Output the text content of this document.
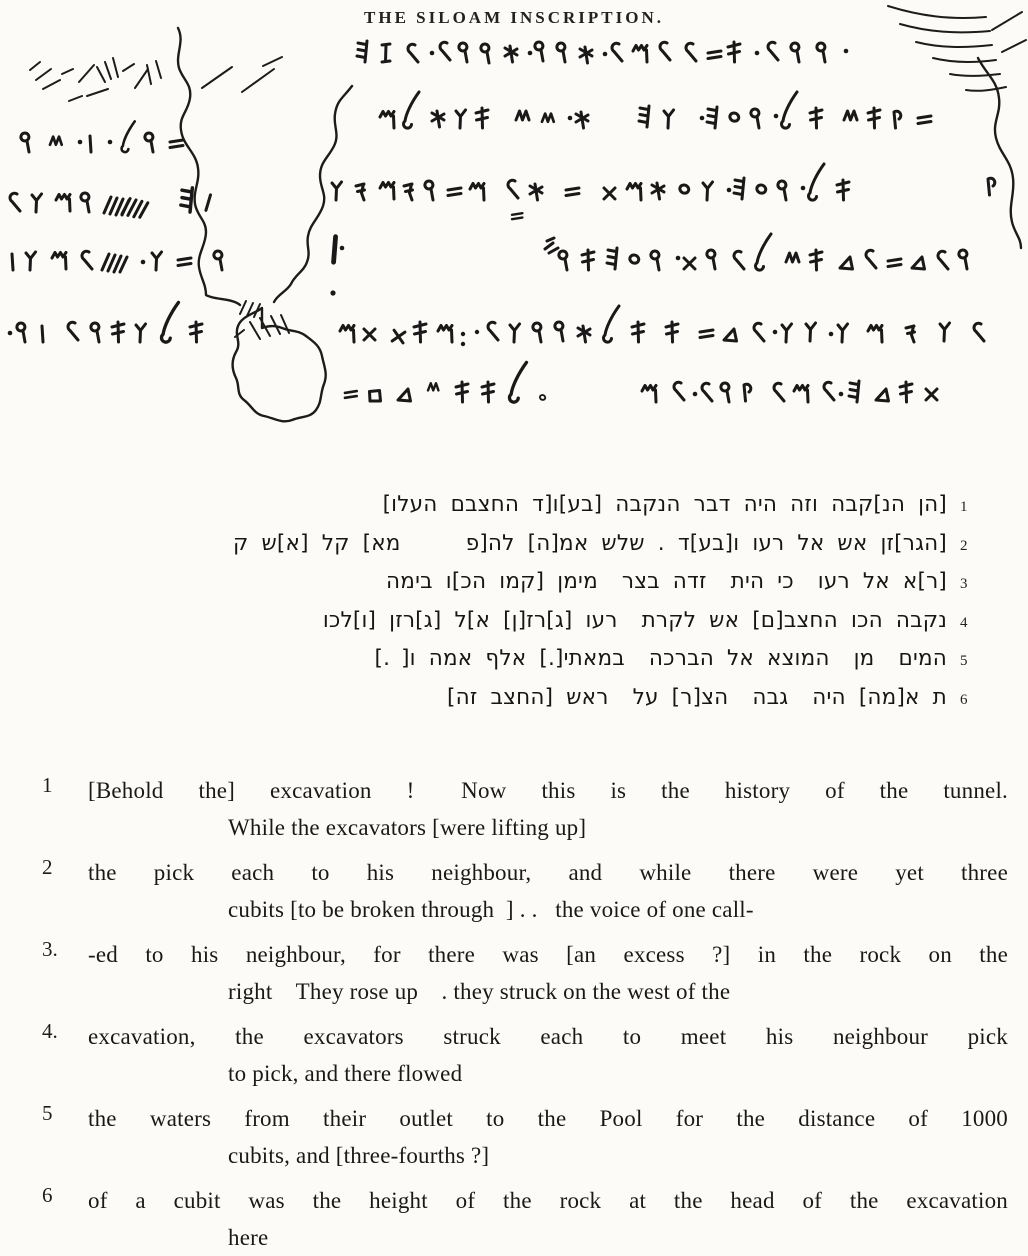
THE SILOAM INSCRIPTION.
[הן הנ]קבה וזה היה דבר הנקבה [בע]ו[ד החצבם העלו] 1
[הגר]זן אש אל רעו ו[בע]ד . שלש אמ[ה] לה[פ   מא] קל [א]ש ק 2
[ר]א אל רעו  כי הית  זדה בצר  מימן [קמו הכ]ו בימה 3
נקבה הכו החצב[ם] אש לקרת  רעו [ג]רז[ן] א]ל [ג]רזן [ו]לכו 4
המים  מן  המוצא אל הברכה  במאתי[.] אלף אמה ו[ .] 5
ת א[מה] היה  גבה  הצ[ר] על  ראש [החצב זה] 6
1	[Behold the] excavation !  Now this is the history of the tunnel.
While the excavators [were lifting up]
2	the pick each to his neighbour, and while there were yet three
cubits [to be broken through ] . .  the voice of one call-
3.	-ed to his neighbour, for there was [an excess ?] in the rock on the
right They rose up  . they struck on the west of the
4.	excavation, the excavators struck each to meet his neighbour pick
to pick, and there flowed
5	the waters from their outlet to the Pool for the distance of 1000
cubits, and [three-fourths ?]
6	of a cubit was the height of the rock at the head of the excavation
here
